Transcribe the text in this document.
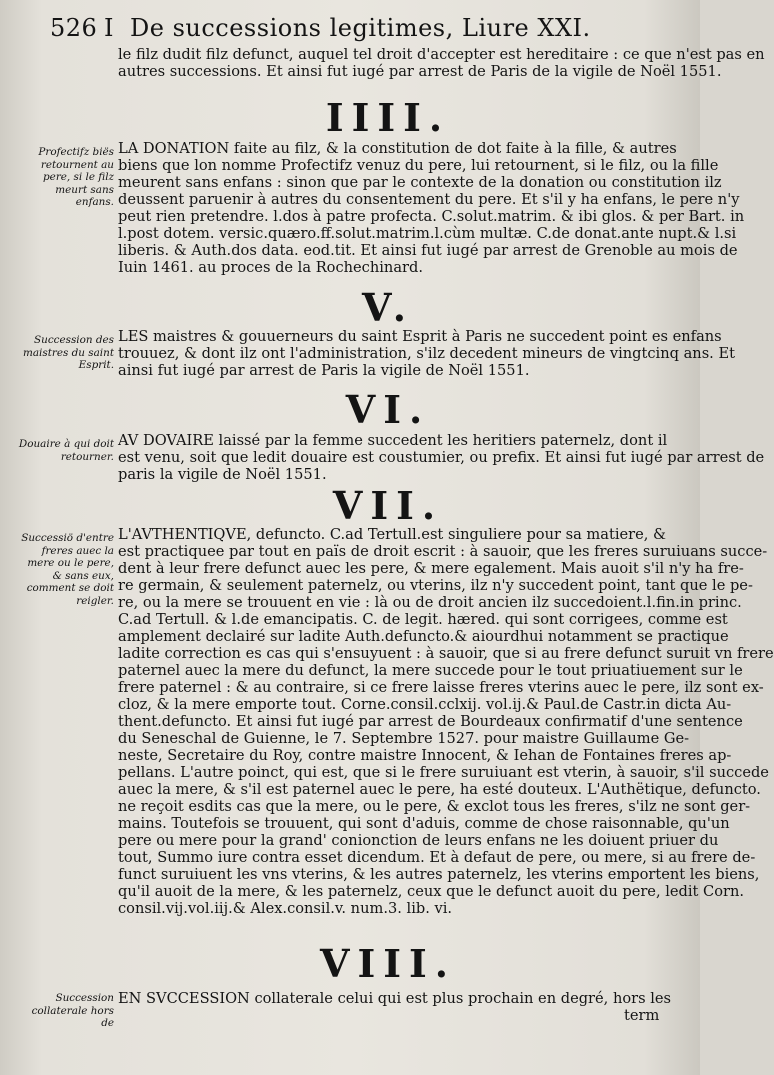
526 I De successions legitimes, Liure XXI.
le filz dudit filz defunct, auquel tel droit d'accepter est hereditaire : ce que n'est pas en
autres successions. Et ainsi fut iugé par arrest de Paris de la vigile de Noël 1551.
IIII.
Profectifz biës retournent au pere, si le filz meurt sans enfans.
LA DONATION faite au filz, & la constitution de dot faite à la fille, & autres
biens que lon nomme Profectifz venuz du pere, lui retournent, si le filz, ou la fille
meurent sans enfans : sinon que par le contexte de la donation ou constitution ilz
deussent paruenir à autres du consentement du pere. Et s'il y ha enfans, le pere n'y
peut rien pretendre. l.dos à patre profecta. C.solut.matrim. & ibi glos. & per Bart. in
l.post dotem. versic.quæro.ff.solut.matrim.l.cùm multæ. C.de donat.ante nupt.& l.si
liberis. & Auth.dos data. eod.tit. Et ainsi fut iugé par arrest de Grenoble au mois de
Iuin 1461. au proces de la Rochechinard.
V.
Succession des maistres du saint Esprit.
LES maistres & gouuerneurs du saint Esprit à Paris ne succedent point es enfans
trouuez, & dont ilz ont l'administration, s'ilz decedent mineurs de vingtcinq ans. Et
ainsi fut iugé par arrest de Paris la vigile de Noël 1551.
VI.
Douaire à qui doit retourner.
AV DOVAIRE laissé par la femme succedent les heritiers paternelz, dont il
est venu, soit que ledit douaire est coustumier, ou prefix. Et ainsi fut iugé par arrest de
paris la vigile de Noël 1551.
VII.
Successiö d'entre freres auec la mere ou le pere, & sans eux, comment se doit reigler.
L'AVTHENTIQVE, defuncto. C.ad Tertull.est singuliere pour sa matiere, &
est practiquee par tout en païs de droit escrit : à sauoir, que les freres suruiuans succe-
dent à leur frere defunct auec les pere, & mere egalement. Mais auoit s'il n'y ha fre-
re germain, & seulement paternelz, ou vterins, ilz n'y succedent point, tant que le pe-
re, ou la mere se trouuent en vie : là ou de droit ancien ilz succedoient.l.fin.in princ.
C.ad Tertull. & l.de emancipatis. C. de legit. hæred. qui sont corrigees, comme est
amplement declairé sur ladite Auth.defuncto.& aiourdhui notamment se practique
ladite correction es cas qui s'ensuyuent : à sauoir, que si au frere defunct suruit vn frere
paternel auec la mere du defunct, la mere succede pour le tout priuatiuement sur le
frere paternel : & au contraire, si ce frere laisse freres vterins auec le pere, ilz sont ex-
cloz, & la mere emporte tout. Corne.consil.cclxij. vol.ij.& Paul.de Castr.in dicta Au-
thent.defuncto. Et ainsi fut iugé par arrest de Bourdeaux confirmatif d'une sentence
du Seneschal de Guienne, le 7. Septembre 1527. pour maistre Guillaume Ge-
neste, Secretaire du Roy, contre maistre Innocent, & Iehan de Fontaines freres ap-
pellans. L'autre poinct, qui est, que si le frere suruiuant est vterin, à sauoir, s'il succede
auec la mere, & s'il est paternel auec le pere, ha esté douteux. L'Authëtique, defuncto.
ne reçoit esdits cas que la mere, ou le pere, & exclot tous les freres, s'ilz ne sont ger-
mains. Toutefois se trouuent, qui sont d'aduis, comme de chose raisonnable, qu'un
pere ou mere pour la grand' conionction de leurs enfans ne les doiuent priuer du
tout, Summo iure contra esset dicendum. Et à defaut de pere, ou mere, si au frere de-
funct suruiuent les vns vterins, & les autres paternelz, les vterins emportent les biens,
qu'il auoit de la mere, & les paternelz, ceux que le defunct auoit du pere, ledit Corn.
consil.vij.vol.iij.& Alex.consil.v. num.3. lib. vi.
VIII.
Succession collaterale hors de
EN SVCCESSION collaterale celui qui est plus prochain en degré, hors les
term
